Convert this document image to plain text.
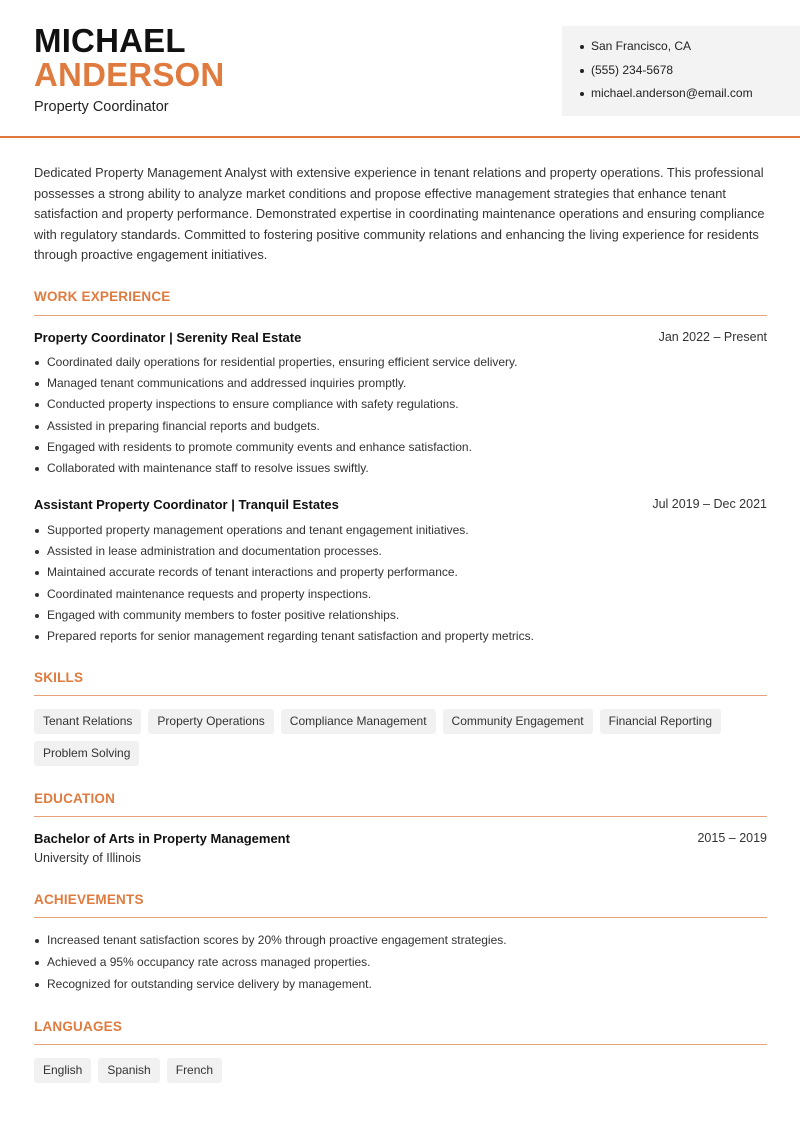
MICHAEL
ANDERSON
Property Coordinator
San Francisco, CA
(555) 234-5678
michael.anderson@email.com

Dedicated Property Management Analyst with extensive experience in tenant relations and property operations. This professional possesses a strong ability to analyze market conditions and propose effective management strategies that enhance tenant satisfaction and property performance. Demonstrated expertise in coordinating maintenance operations and ensuring compliance with regulatory standards. Committed to fostering positive community relations and enhancing the living experience for residents through proactive engagement initiatives.

WORK EXPERIENCE
Property Coordinator | Serenity Real Estate	Jan 2022 – Present
Coordinated daily operations for residential properties, ensuring efficient service delivery.
Managed tenant communications and addressed inquiries promptly.
Conducted property inspections to ensure compliance with safety regulations.
Assisted in preparing financial reports and budgets.
Engaged with residents to promote community events and enhance satisfaction.
Collaborated with maintenance staff to resolve issues swiftly.
Assistant Property Coordinator | Tranquil Estates	Jul 2019 – Dec 2021
Supported property management operations and tenant engagement initiatives.
Assisted in lease administration and documentation processes.
Maintained accurate records of tenant interactions and property performance.
Coordinated maintenance requests and property inspections.
Engaged with community members to foster positive relationships.
Prepared reports for senior management regarding tenant satisfaction and property metrics.
SKILLS
Tenant Relations	Property Operations	Compliance Management	Community Engagement	Financial Reporting
Problem Solving
EDUCATION
Bachelor of Arts in Property Management	2015 – 2019
University of Illinois
ACHIEVEMENTS
Increased tenant satisfaction scores by 20% through proactive engagement strategies.
Achieved a 95% occupancy rate across managed properties.
Recognized for outstanding service delivery by management.
LANGUAGES
English	Spanish	French
